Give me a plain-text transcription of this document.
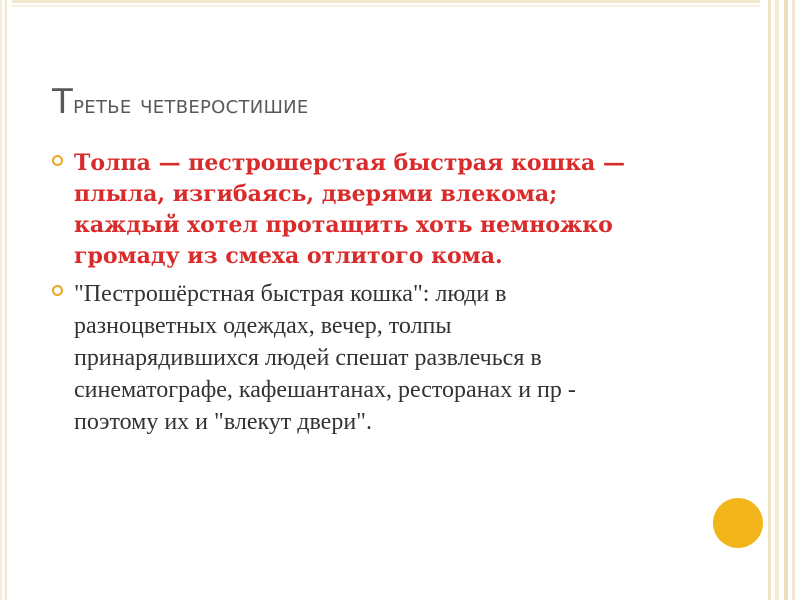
Третье четверостишие
Толпа — пестрошерстая быстрая кошка —
плыла, изгибаясь, дверями влекома;
каждый хотел протащить хоть немножко
громаду из смеха отлитого кома.
"Пестрошёрстная быстрая кошка": люди в
разноцветных одеждах, вечер, толпы
принарядившихся людей спешат развлечься в
синематографе, кафешантанах, ресторанах и пр -
поэтому их и "влекут двери".
